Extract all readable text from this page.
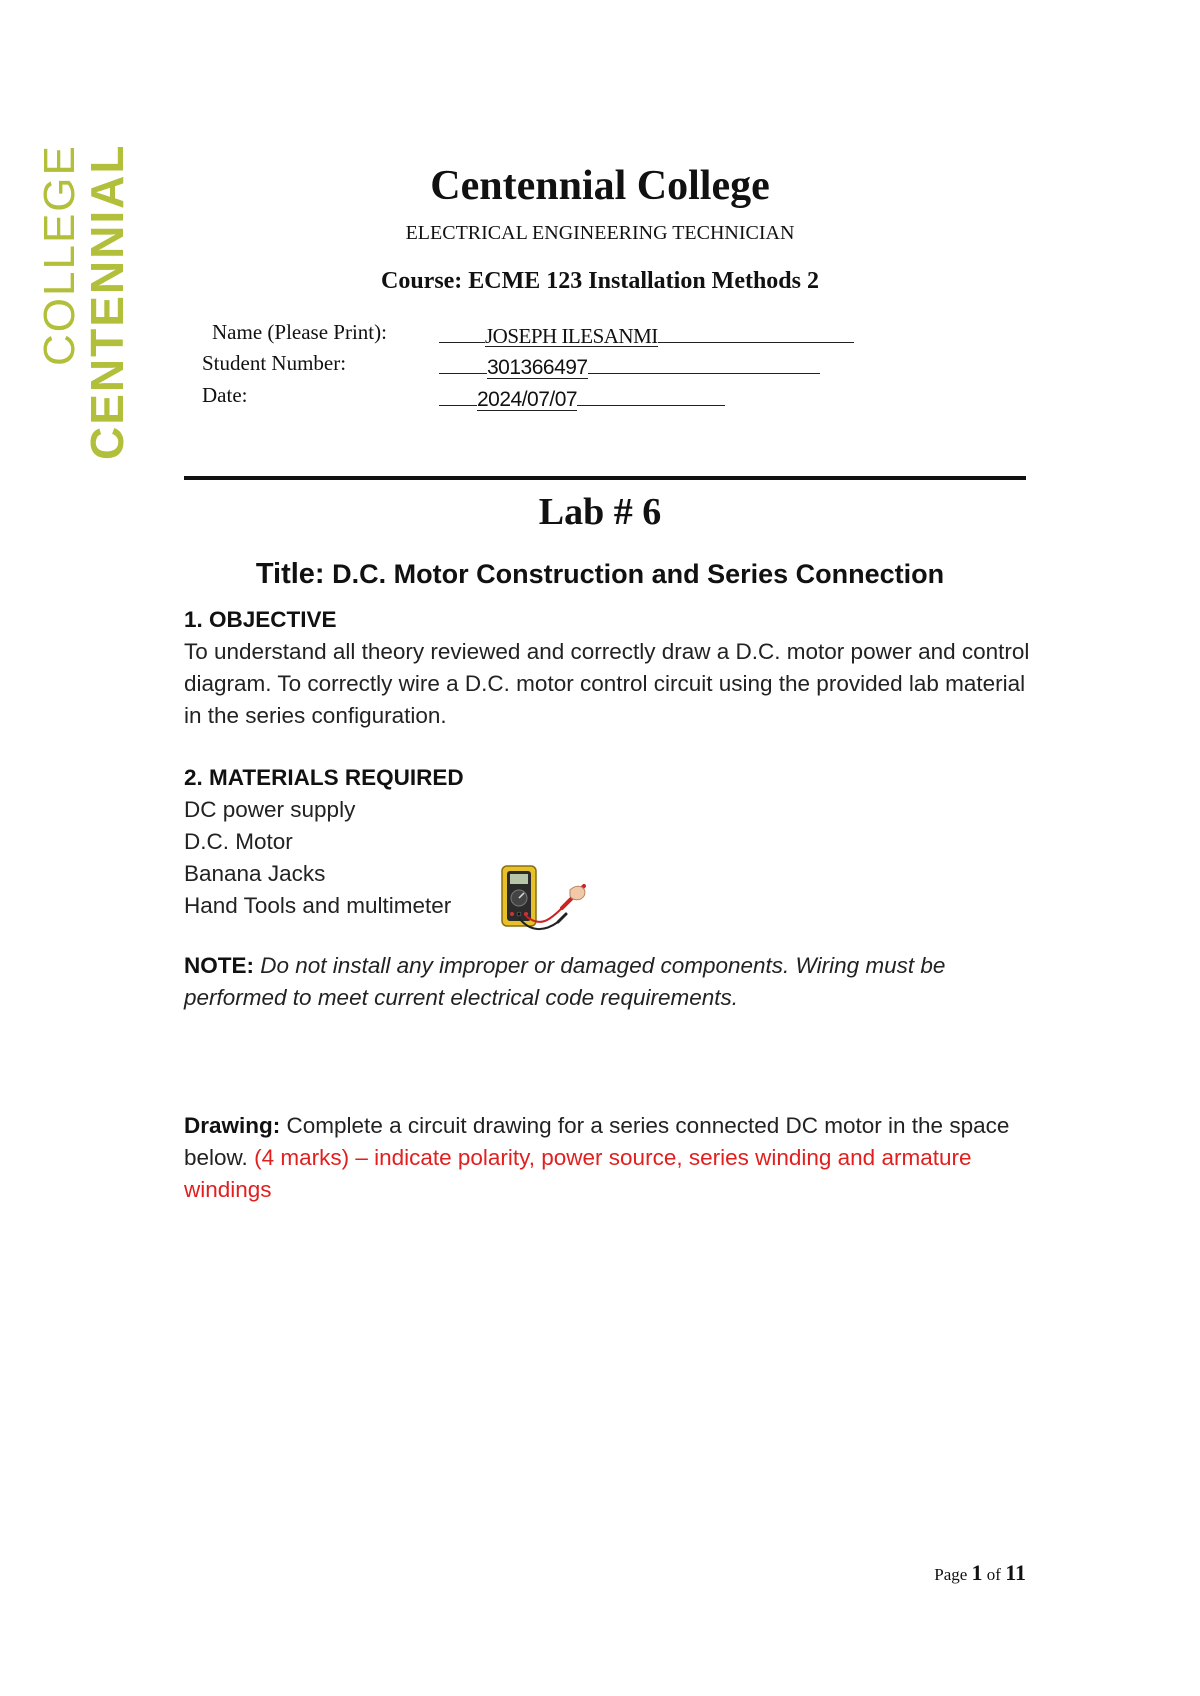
CENTENNIAL
COLLEGE	Centennial College
ELECTRICAL ENGINEERING TECHNICIAN
Course: ECME 123 Installation Methods 2
Name (Please Print):	JOSEPH ILESANMI
Student Number:	301366497
Date:	2024/07/07
Lab # 6
Title: D.C. Motor Construction and Series Connection
1. OBJECTIVE
To understand all theory reviewed and correctly draw a D.C. motor power and control diagram. To correctly wire a D.C. motor control circuit using the provided lab material in the series configuration.
2. MATERIALS REQUIRED
DC power supply
D.C. Motor
Banana Jacks
Hand Tools and multimeter
NOTE: Do not install any improper or damaged components. Wiring must be performed to meet current electrical code requirements.
Drawing: Complete a circuit drawing for a series connected DC motor in the space below. (4 marks) – indicate polarity, power source, series winding and armature windings
Page 1 of 11
